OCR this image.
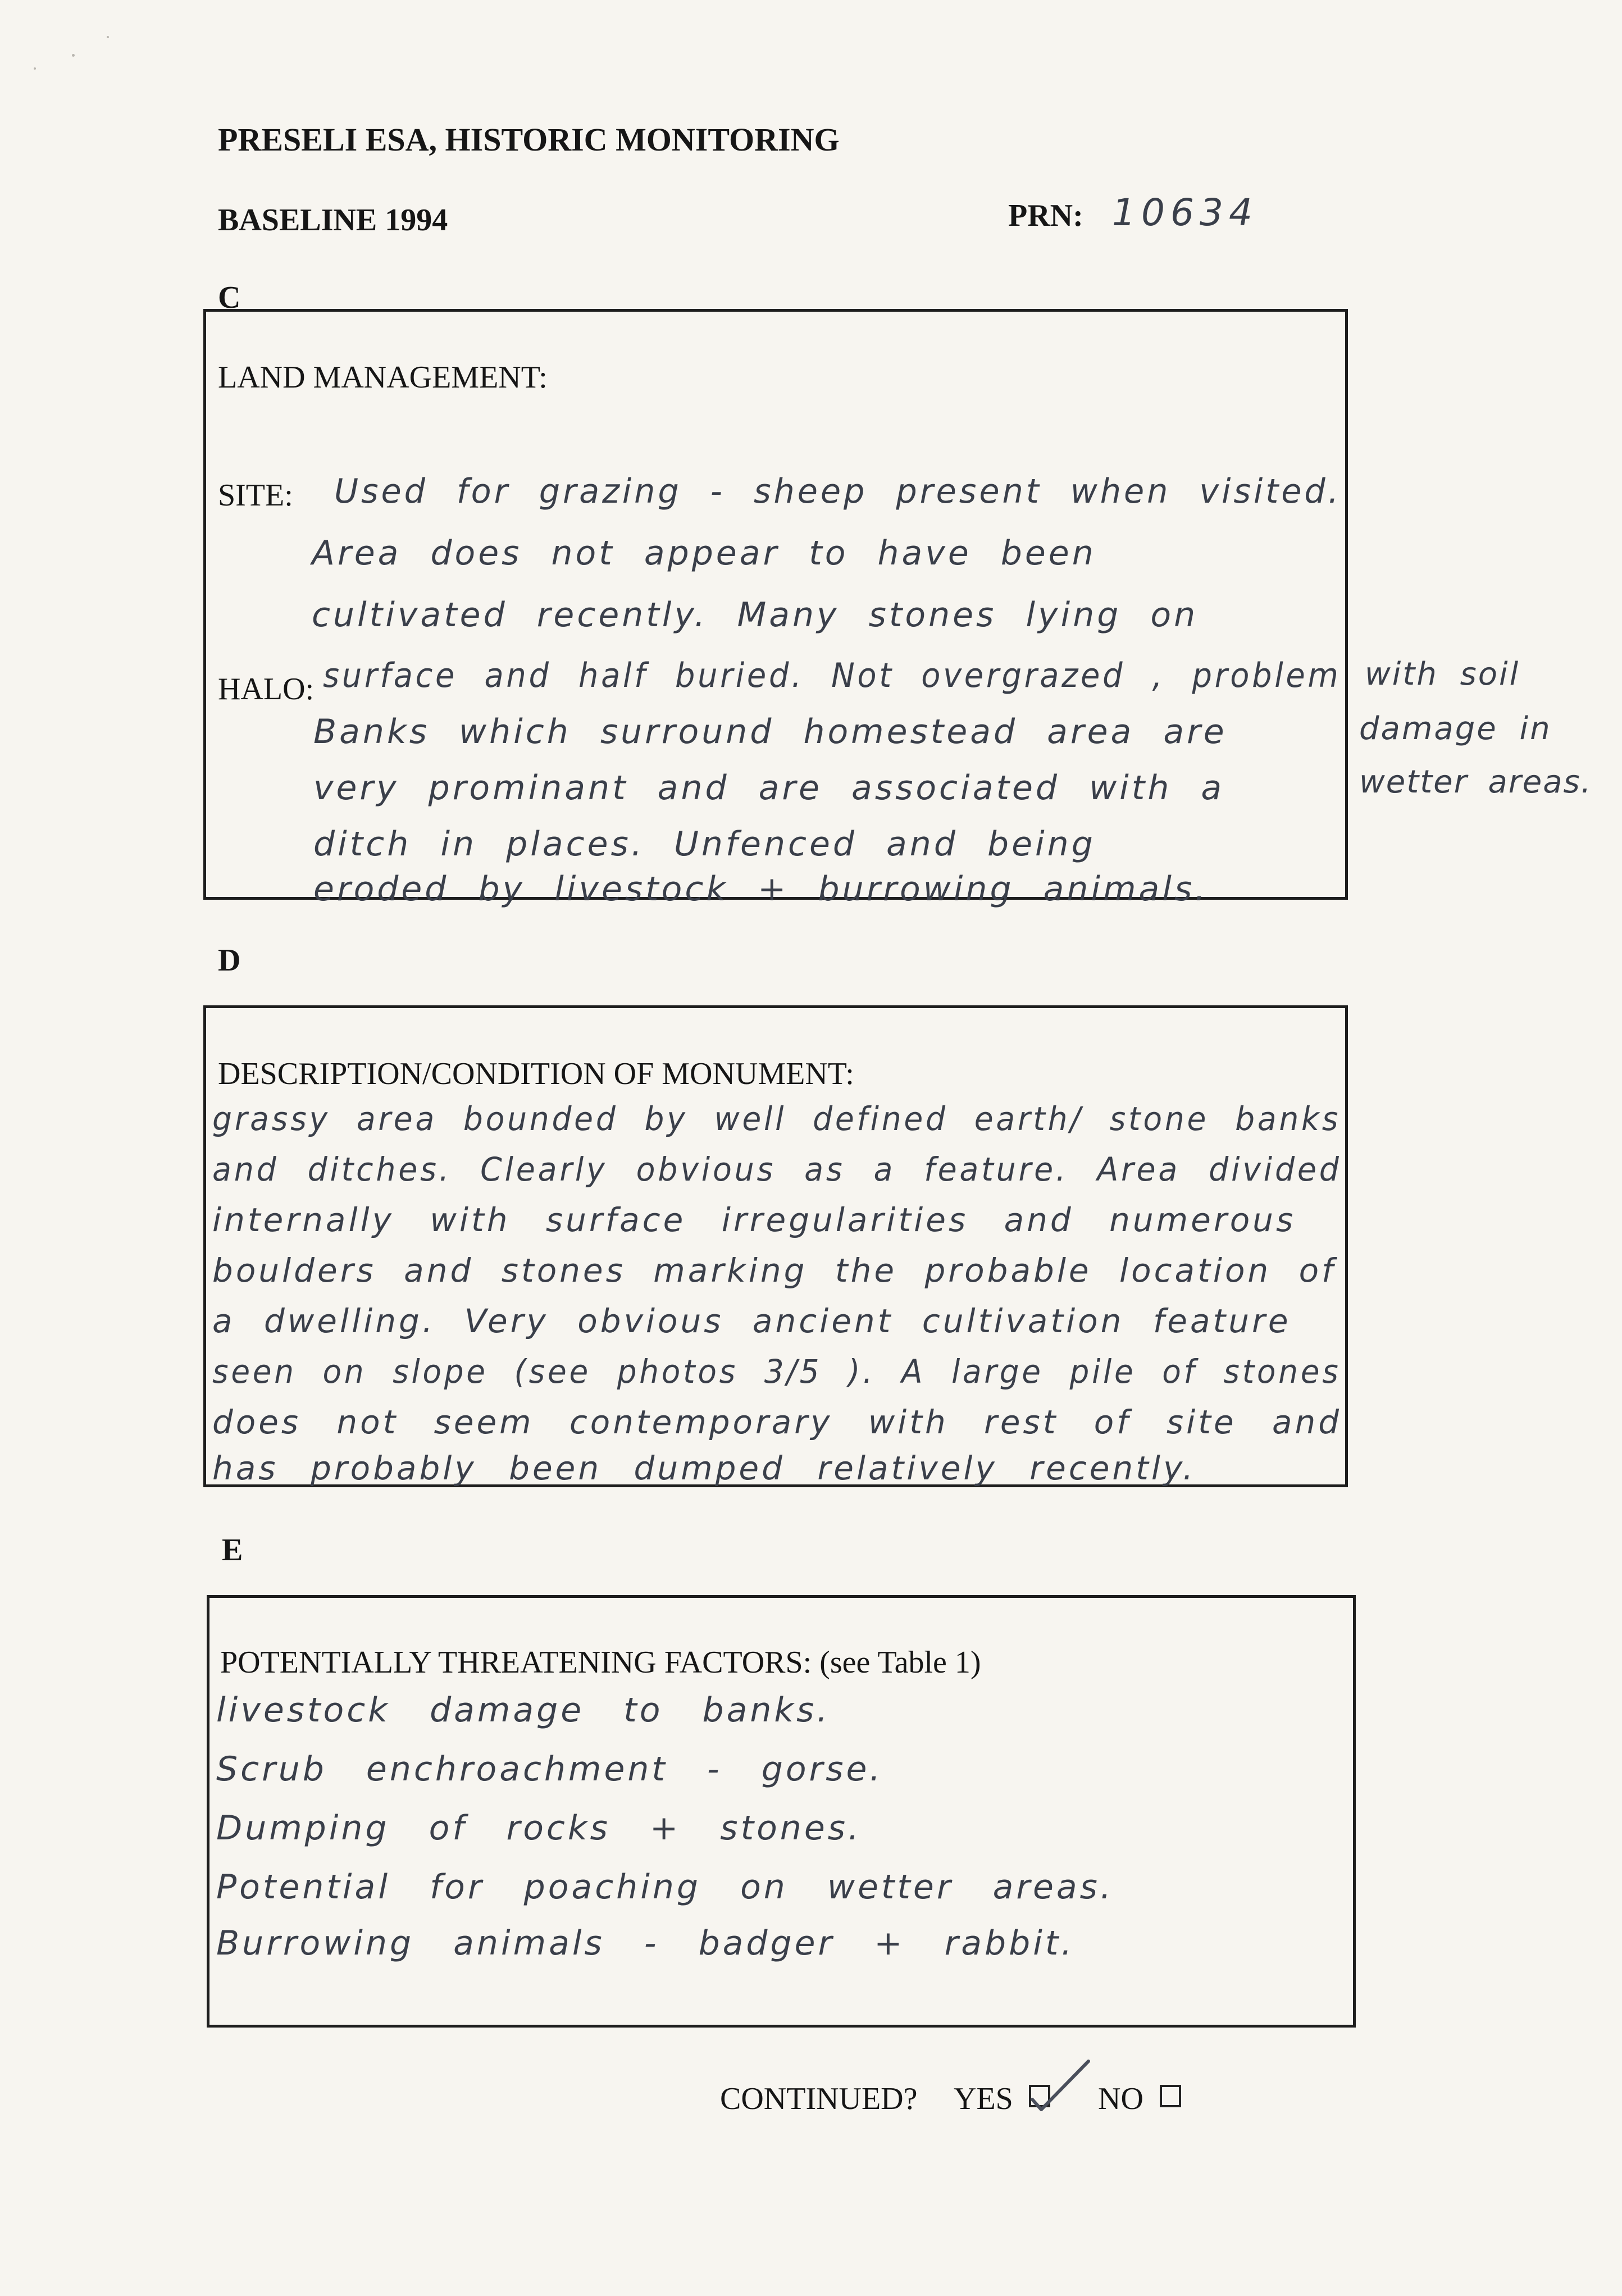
PRESELI ESA, HISTORIC MONITORING
BASELINE 1994	PRN: 10634
C
LAND MANAGEMENT:
SITE:
HALO:
Used for grazing - sheep present when visited.
Area does not appear to have been
cultivated recently. Many stones lying on
surface and half buried. Not overgrazed , problem
Banks which surround homestead area are
very prominant and are associated with a
ditch in places. Unfenced and being
eroded by livestock + burrowing animals.
with soil
damage in
wetter areas.
D
DESCRIPTION/CONDITION OF MONUMENT:
grassy area bounded by well defined earth/ stone banks
and ditches. Clearly obvious as a feature. Area divided
internally with surface irregularities and numerous
boulders and stones marking the probable location of
a dwelling. Very obvious ancient cultivation feature
seen on slope (see photos 3/5 ). A large pile of stones
does not seem contemporary with rest of site and
has probably been dumped relatively recently.
E
POTENTIALLY THREATENING FACTORS: (see Table 1)
livestock damage to banks.
Scrub enchroachment - gorse.
Dumping of rocks + stones.
Potential for poaching on wetter areas.
Burrowing animals - badger + rabbit.
CONTINUED? YES	NO
